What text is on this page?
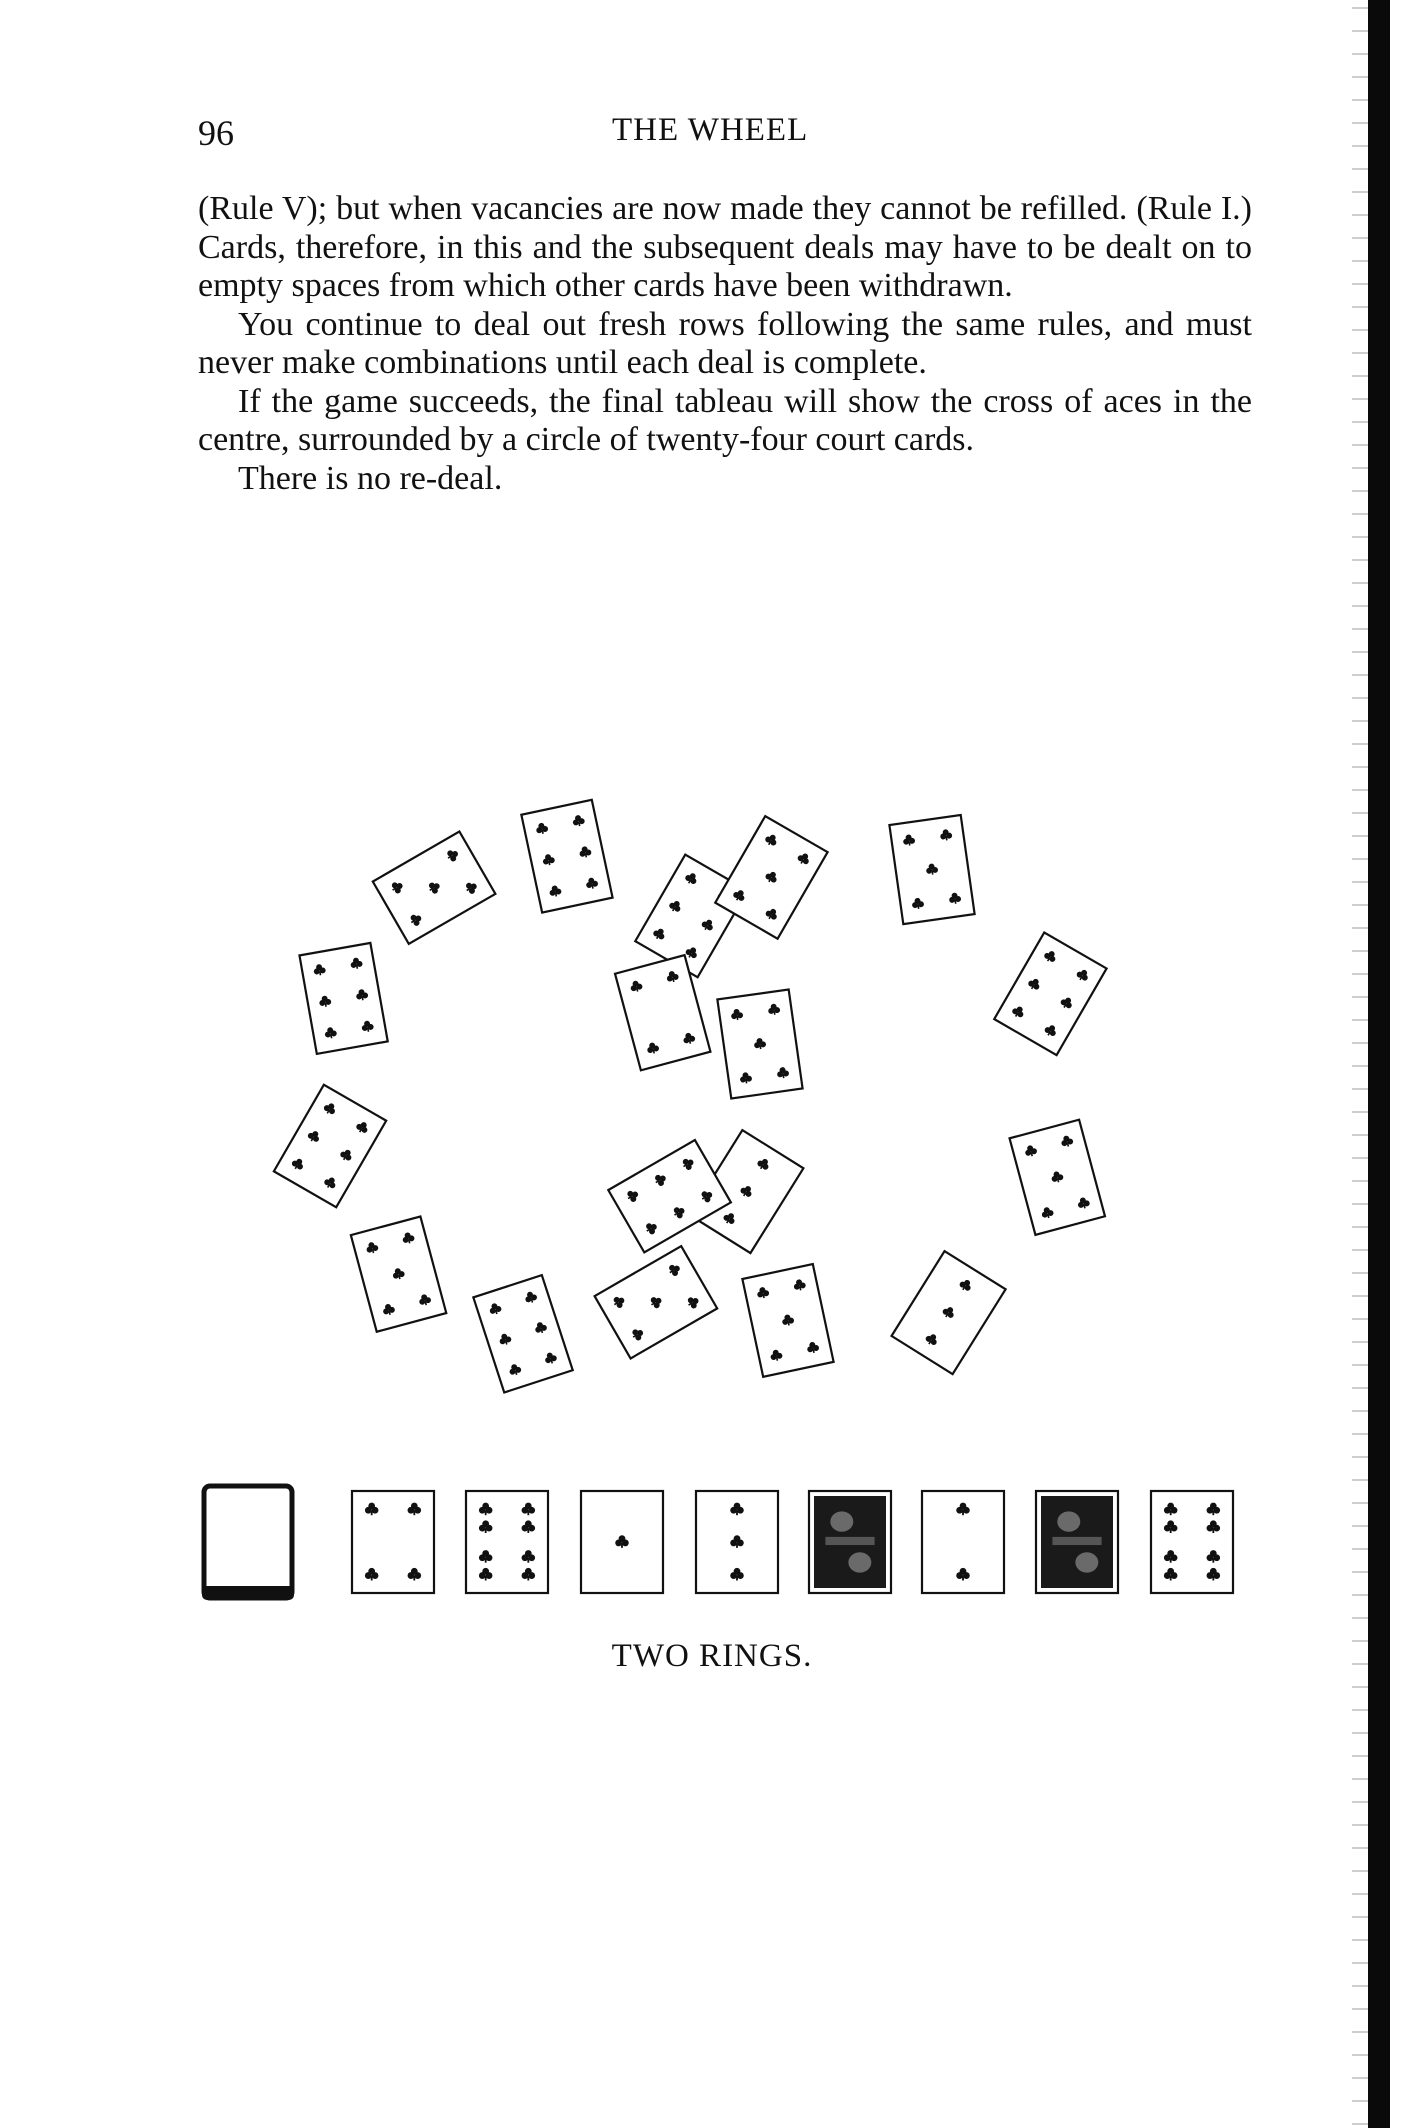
96	THE WHEEL

(Rule V); but when vacancies are now made they cannot be refilled. (Rule I.) Cards, therefore, in this and the subsequent deals may have to be dealt on to empty spaces from which other cards have been withdrawn.

You continue to deal out fresh rows following the same rules, and must never make combinations until each deal is complete.

If the game succeeds, the final tableau will show the cross of aces in the centre, surrounded by a circle of twenty-four court cards.

There is no re-deal.

TWO RINGS.
